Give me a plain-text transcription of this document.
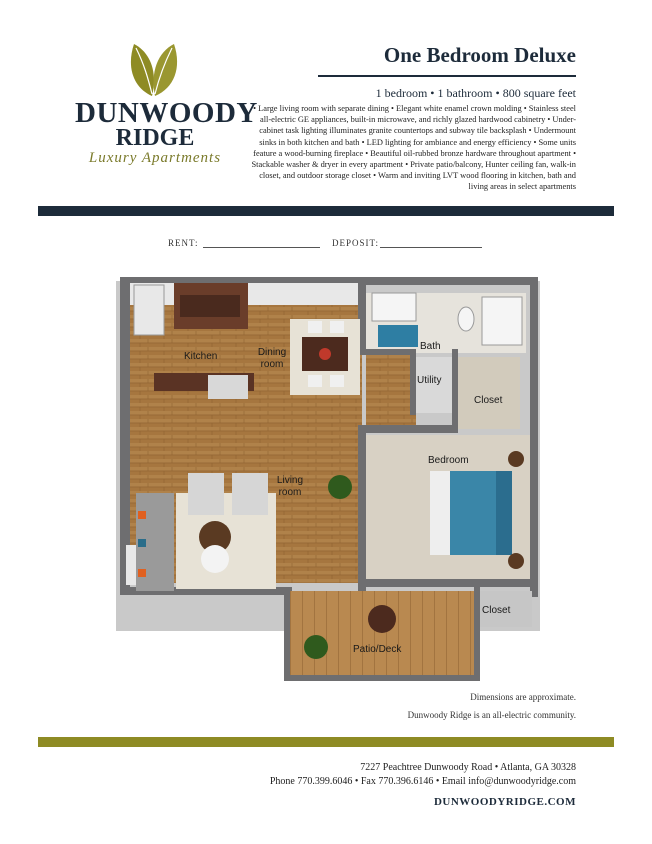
DUNWOODY
RIDGE
Luxury Apartments
One Bedroom Deluxe
1 bedroom • 1 bathroom • 800 square feet
• Large living room with separate dining • Elegant white enamel crown molding • Stainless steel all-electric GE appliances, built-in microwave, and richly glazed hardwood cabinetry • Under-cabinet task lighting illuminates granite countertops and subway tile backsplash • Undermount sinks in both kitchen and bath • LED lighting for ambiance and energy efficiency • Some units feature a wood-burning fireplace • Beautiful oil-rubbed bronze hardware throughout apartment • Stackable washer & dryer in every apartment • Private patio/balcony, Hunter ceiling fan, walk-in closet, and outdoor storage closet • Warm and inviting LVT wood flooring in kitchen, bath and living areas in select apartments
RENT:	DEPOSIT:
Kitchen	Dining
room
Bath
Utility
Closet
Bedroom
Living
room
Closet
Patio/Deck
Dimensions are approximate.
Dunwoody Ridge is an all-electric community.
7227 Peachtree Dunwoody Road • Atlanta, GA 30328
Phone 770.399.6046 • Fax 770.396.6146 • Email info@dunwoodyridge.com
DUNWOODYRIDGE.COM
